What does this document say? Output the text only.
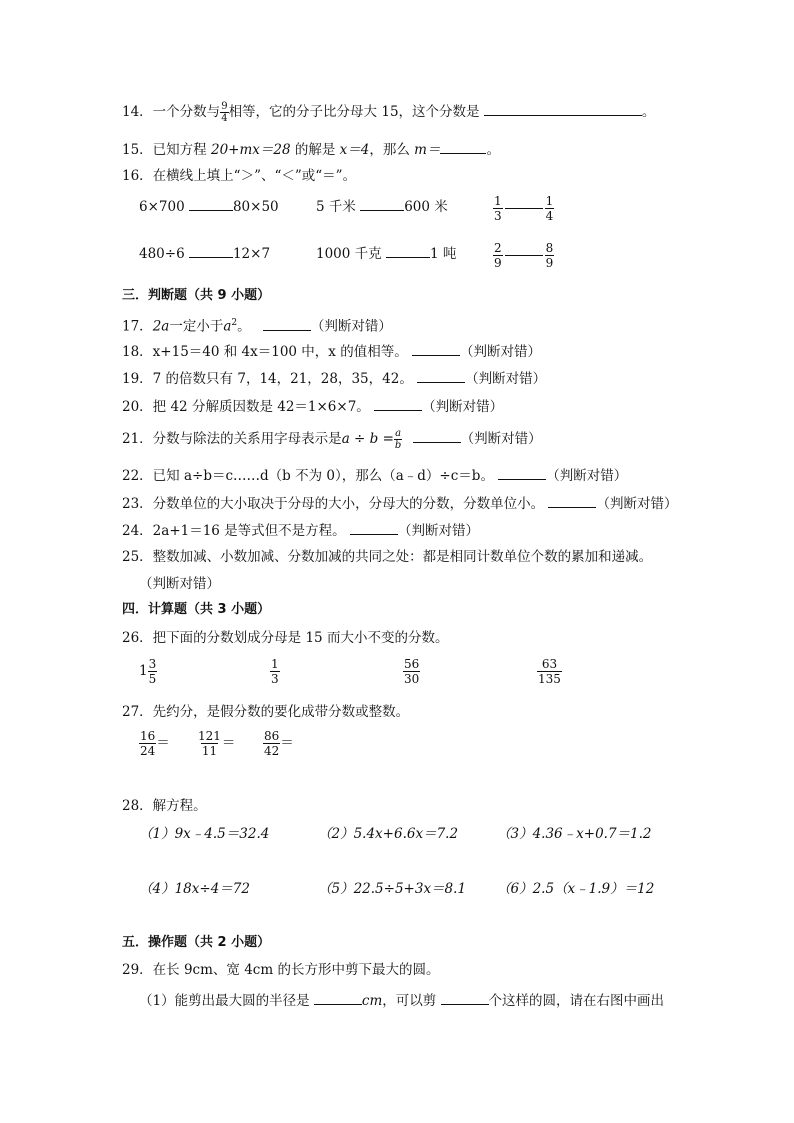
14．一个分数与 $\frac{9}{4}$ 相等，它的分子比分母大 15，这个分数是	。
15．已知方程 20+mx＝28 的解是 x＝4，那么 m＝	。
16．在横线上填上“＞”、“＜”或“＝”。
6×700	80×50	5 千米	600 米	$\frac{1}{3}$	$\frac{1}{4}$
480÷6	12×7	1000 千克	1 吨	$\frac{2}{9}$	$\frac{8}{9}$
三．判断题（共 9 小题）
17．2a一定小于$a^2$。	（判断对错）
18．x+15＝40 和 4x＝100 中，x 的值相等。	（判断对错）
19．7 的倍数只有 7，14，21，28，35，42。	（判断对错）
20．把 42 分解质因数是 42＝1×6×7。	（判断对错）
21．分数与除法的关系用字母表示是$a \div b = \frac{a}{b}$	（判断对错）
22．已知 a÷b＝c……d（b 不为 0），那么（a﹣d）÷c＝b。	（判断对错）
23．分数单位的大小取决于分母的大小，分母大的分数，分数单位小。	（判断对错）
24．2a+1＝16 是等式但不是方程。	（判断对错）
25．整数加减、小数加减、分数加减的共同之处：都是相同计数单位个数的累加和递减。
（判断对错）
四．计算题（共 3 小题）
26．把下面的分数划成分母是 15 而大小不变的分数。
$1 \frac{3}{5}$	$\frac{1}{3}$	$\frac{56}{30}$	$\frac{63}{135}$
27．先约分，是假分数的要化成带分数或整数。
$\frac{16}{24} = \frac{121}{11} = \frac{86}{42}$ ＝
28．解方程。
（1）9x﹣4.5＝32.4	（2）5.4x+6.6x＝7.2	（3）4.36﹣x+0.7＝1.2
（4）18x÷4＝72	（5）22.5÷5+3x＝8.1 （6）2.5（x﹣1.9）＝12
五．操作题（共 2 小题）
29．在长 9cm、宽 4cm 的长方形中剪下最大的圆。
（1）能剪出最大圆的半径是	cm，可以剪	个这样的圆，请在右图中画出
